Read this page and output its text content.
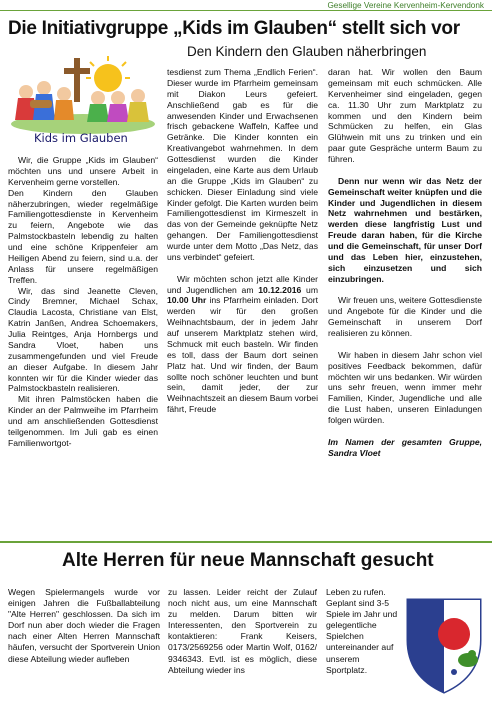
Gesellige Vereine Kervenheim-Kervendonk
Die Initiativgruppe „Kids im Glauben“ stellt sich vor
Den Kindern den Glauben näherbringen
Kids im Glauben

Wir, die Gruppe „Kids im Glauben“ möchten uns und unsere Arbeit in Kervenheim gerne vorstellen.

Den Kindern den Glauben näherzubringen, wieder regelmäßige Familiengottesdienste in Kervenheim zu feiern, Angebote wie das Palmstockbasteln lebendig zu halten und eine schöne Krippenfeier am Heiligen Abend zu feiern, sind u.a. der Anlass für unsere regelmäßigen Treffen.

Wir, das sind Jeanette Cleven, Cindy Bremner, Michael Schax, Claudia Lacosta, Christiane van Elst, Katrin Janßen, Andrea Schoemakers, Julia Reintges, Anja Hornbergs und Sandra Vloet, haben uns zusammengefunden und viel Freude an dieser Aufgabe. In diesem Jahr konnten wir für die Kinder wieder das Palmstockbasteln realisieren.

Mit ihren Palmstöcken haben die Kinder an der Palmweihe im Pfarrheim und am anschließenden Gottesdienst teilgenommen. Im Juli gab es einen Familienwortgot-

tesdienst zum Thema „Endlich Ferien“. Dieser wurde im Pfarrheim gemeinsam mit Diakon Leurs gefeiert. Anschließend gab es für die anwesenden Kinder und Erwachsenen frisch gebackene Waffeln, Kaffee und Getränke. Die Kinder konnten ein Kreativangebot wahrnehmen. In dem Gottesdienst wurden die Kinder eingeladen, eine Karte aus dem Urlaub an die Gruppe „Kids im Glauben“ zu schicken. Dieser Einladung sind viele Kinder gefolgt. Die Karten wurden beim Familiengottesdienst im Kirmeszelt in das von der Gemeinde geknüpfte Netz gehangen. Der Familiengottesdienst wurde unter dem Motto „Das Netz, das uns verbindet“ gefeiert.

Wir möchten schon jetzt alle Kinder und Jugendlichen am 10.12.2016 um 10.00 Uhr ins Pfarrheim einladen. Dort werden wir für den großen Weihnachtsbaum, der in jedem Jahr auf unserem Marktplatz stehen wird, Schmuck mit euch basteln. Wir finden es toll, dass der Baum dort seinen Platz hat. Und wir finden, der Baum sollte noch schöner leuchten und bunt sein, damit jeder, der zur Weihnachtszeit an diesem Baum vorbei fährt, Freude

daran hat. Wir wollen den Baum gemeinsam mit euch schmücken. Alle Kervenheimer sind eingeladen, gegen ca. 11.30 Uhr zum Marktplatz zu kommen und den Kindern beim Schmücken zu helfen, ein Glas Glühwein mit uns zu trinken und ein paar gute Gespräche unterm Baum zu führen.

Denn nur wenn wir das Netz der Gemeinschaft weiter knüpfen und die Kinder und Jugendlichen in diesem Netz wahrnehmen und bestärken, werden diese langfristig Lust und Freude daran haben, für die Kirche und die Gemeinschaft, für unser Dorf und das Leben hier, einzustehen, sich einzusetzen und sich einzubringen.

Wir freuen uns, weitere Gottesdienste und Angebote für die Kinder und die Gemeinschaft in unserem Dorf realisieren zu können.

Wir haben in diesem Jahr schon viel positives Feedback bekommen, dafür möchten wir uns bedanken. Wir würden uns sehr freuen, wenn immer mehr Familien, Kinder, Jugendliche und alle die Lust haben, unseren Einladungen folgen würden.

Im Namen der gesamten Gruppe, Sandra Vloet

Alte Herren für neue Mannschaft gesucht
Wegen Spielermangels wurde vor einigen Jahren die Fußballabteilung "Alte Herren" geschlossen. Da sich im Dorf nun aber doch wieder die Fragen nach einer Alten Herren Mannschaft häufen, versucht der Sportverein Union diese Abteilung wieder aufleben
zu lassen. Leider reicht der Zulauf noch nicht aus, um eine Mannschaft zu melden. Darum bitten wir Interessenten, den Sportverein zu kontaktieren: Frank Keisers, 0173/2569256 oder Martin Wolf, 0162/ 9346343. Evtl. ist es möglich, diese Abteilung wieder ins
Leben zu rufen. Geplant sind 3-5 Spiele im Jahr und gelegentliche Spielchen untereinander auf unserem Sportplatz.
